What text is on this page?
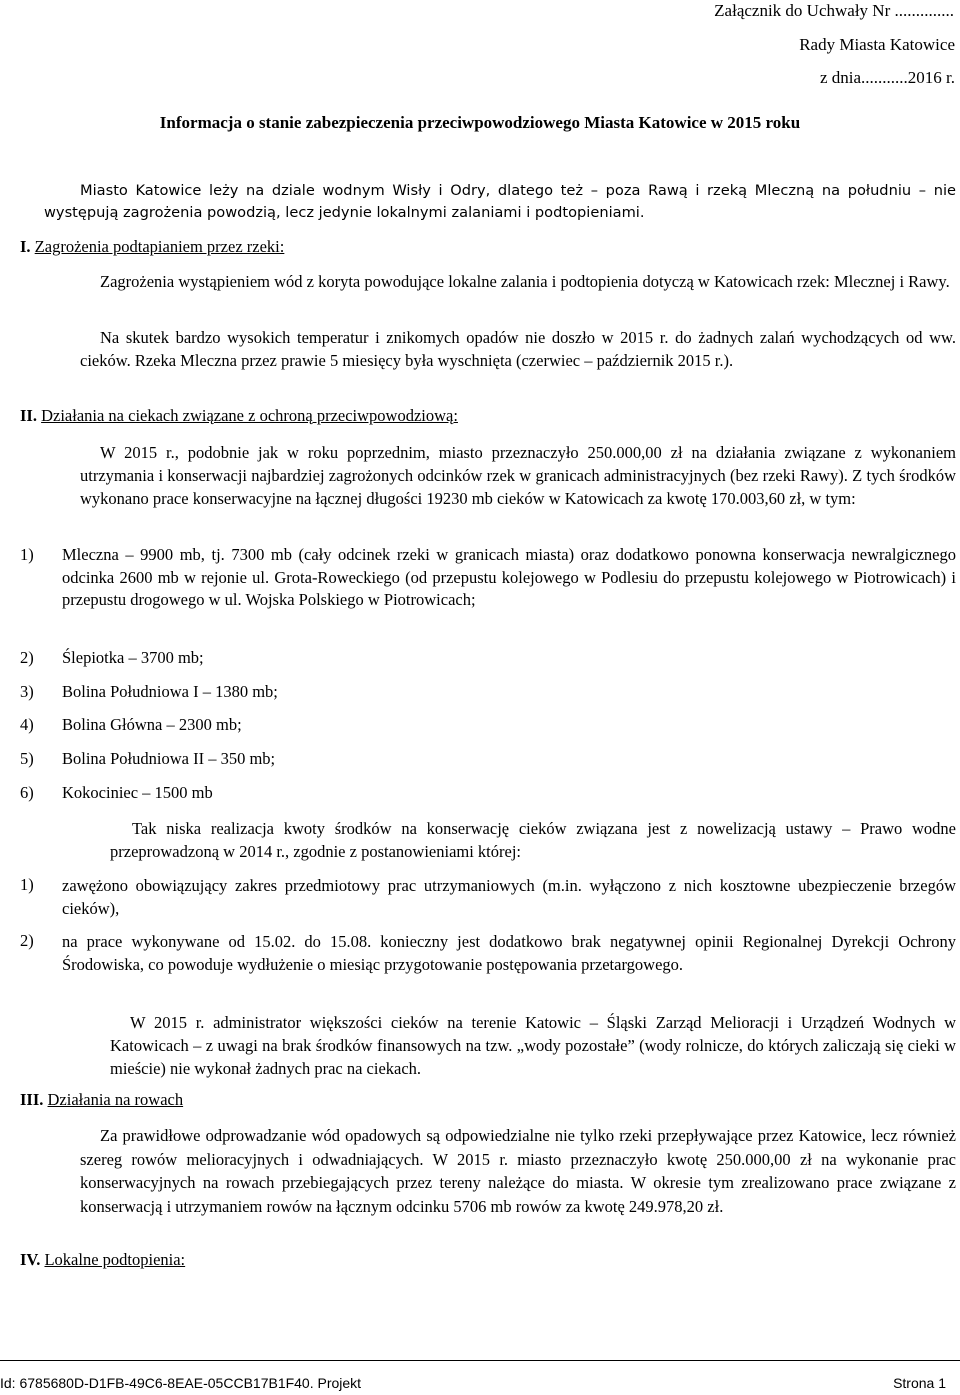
Załącznik do Uchwały Nr ..............
Rady Miasta Katowice
z dnia...........2016 r.
Informacja o stanie zabezpieczenia przeciwpowodziowego Miasta Katowice w 2015 roku
Miasto Katowice leży na dziale wodnym Wisły i Odry, dlatego też – poza Rawą i rzeką Mleczną na południu – nie występują zagrożenia powodzią, lecz jedynie lokalnymi zalaniami i podtopieniami.
I. Zagrożenia podtapianiem przez rzeki:
Zagrożenia wystąpieniem wód z koryta powodujące lokalne zalania i podtopienia dotyczą w Katowicach rzek: Mlecznej i Rawy.
Na skutek bardzo wysokich temperatur i znikomych opadów nie doszło w 2015 r. do żadnych zalań wychodzących od ww. cieków. Rzeka Mleczna przez prawie 5 miesięcy była wyschnięta (czerwiec – październik 2015 r.).
II. Działania na ciekach związane z ochroną przeciwpowodziową:
W 2015 r., podobnie jak w roku poprzednim, miasto przeznaczyło 250.000,00 zł na działania związane z wykonaniem utrzymania i konserwacji najbardziej zagrożonych odcinków rzek w granicach administracyjnych (bez rzeki Rawy). Z tych środków wykonano prace konserwacyjne na łącznej długości 19230 mb cieków w Katowicach za kwotę 170.003,60 zł, w tym:
1) Mleczna – 9900 mb, tj. 7300 mb (cały odcinek rzeki w granicach miasta) oraz dodatkowo ponowna konserwacja newralgicznego odcinka 2600 mb w rejonie ul. Grota-Roweckiego (od przepustu kolejowego w Podlesiu do przepustu kolejowego w Piotrowicach) i przepustu drogowego w ul. Wojska Polskiego w Piotrowicach;
2) Ślepiotka – 3700 mb;
3) Bolina Południowa I – 1380 mb;
4) Bolina Główna – 2300 mb;
5) Bolina Południowa II – 350 mb;
6) Kokociniec – 1500 mb
Tak niska realizacja kwoty środków na konserwację cieków związana jest z nowelizacją ustawy – Prawo wodne przeprowadzoną w 2014 r., zgodnie z postanowieniami której:
1) zawężono obowiązujący zakres przedmiotowy prac utrzymaniowych (m.in. wyłączono z nich kosztowne ubezpieczenie brzegów cieków),
2) na prace wykonywane od 15.02. do 15.08. konieczny jest dodatkowo brak negatywnej opinii Regionalnej Dyrekcji Ochrony Środowiska, co powoduje wydłużenie o miesiąc przygotowanie postępowania przetargowego.
W 2015 r. administrator większości cieków na terenie Katowic – Śląski Zarząd Melioracji i Urządzeń Wodnych w Katowicach – z uwagi na brak środków finansowych na tzw. „wody pozostałe” (wody rolnicze, do których zaliczają się cieki w mieście) nie wykonał żadnych prac na ciekach.
III. Działania na rowach
Za prawidłowe odprowadzanie wód opadowych są odpowiedzialne nie tylko rzeki przepływające przez Katowice, lecz również szereg rowów melioracyjnych i odwadniających. W 2015 r. miasto przeznaczyło kwotę 250.000,00 zł na wykonanie prac konserwacyjnych na rowach przebiegających przez tereny należące do miasta. W okresie tym zrealizowano prace związane z konserwacją i utrzymaniem rowów na łącznym odcinku 5706 mb rowów za kwotę 249.978,20 zł.
IV. Lokalne podtopienia:
Id: 6785680D-D1FB-49C6-8EAE-05CCB17B1F40. Projekt	Strona 1
